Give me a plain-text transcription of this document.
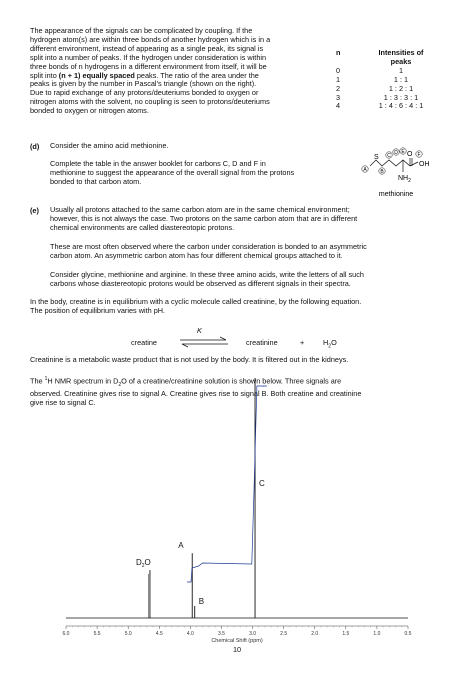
The appearance of the signals can be complicated by coupling. If the
hydrogen atom(s) are within three bonds of another hydrogen which is in a
different environment, instead of appearing as a single peak, its signal is
split into a number of peaks. If the hydrogen under consideration is within
three bonds of n hydrogens in a different environment from itself, it will be
split into (n + 1) equally spaced peaks. The ratio of the area under the
peaks is given by the number in Pascal’s triangle (shown on the right).
Due to rapid exchange of any protons/deuteriums bonded to oxygen or
nitrogen atoms with the solvent, no coupling is seen to protons/deuteriums
bonded to oxygen or nitrogen atoms.
n	Intensities of
peaks
0	1
1	1 : 1
2	1 : 2 : 1
3	1 : 3 : 3 : 1
4	1 : 4 : 6 : 4 : 1
(d) Consider the amino acid methionine.
Complete the table in the answer booklet for carbons C, D and F in
methionine to suggest the appearance of the overall signal from the protons
bonded to that carbon atom.
S	O
OH
$NH_2$
A	B
C D E	F
methionine
(e) Usually all protons attached to the same carbon atom are in the same chemical environment;
however, this is not always the case. Two protons on the same carbon atom that are in different
chemical environments are called diastereotopic protons.
These are most often observed where the carbon under consideration is bonded to an asymmetric
carbon atom. An asymmetric carbon atom has four different chemical groups attached to it.
Consider glycine, methionine and arginine. In these three amino acids, write the letters of all such
carbons whose diastereotopic protons would be observed as different signals in their spectra.
In the body, creatine is in equilibrium with a cyclic molecule called creatinine, by the following equation.
The position of equilibrium varies with pH.
creatine
K
⇌ creatinine	+	$H_2O$
Creatinine is a metabolic waste product that is not used by the body. It is filtered out in the kidneys.
The $^1$H NMR spectrum in $D_2O$ of a creatine/creatinine solution is shown below. Three signals are
observed. Creatinine gives rise to signal A. Creatine gives rise to signal B. Both creatine and creatinine
give rise to signal C.
6.0	5.5	5.0	4.5	4.0	3.5	3.0	2.5	2.0	1.5	1.0	0.5
Chemical Shift (ppm)
$D_2O$
A
B
C
10
